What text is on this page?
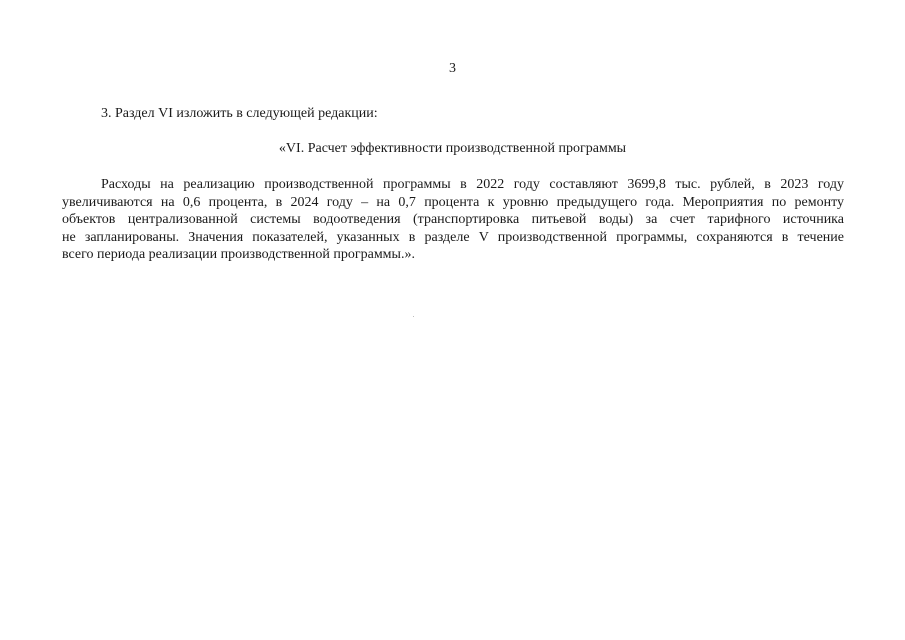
3
3. Раздел VI изложить в следующей редакции:
«VI. Расчет эффективности производственной программы
Расходы на реализацию производственной программы в 2022 году составляют 3699,8 тыс. рублей, в 2023 году
увеличиваются на 0,6 процента, в 2024 году – на 0,7 процента к уровню предыдущего года. Мероприятия по ремонту
объектов централизованной системы водоотведения (транспортировка питьевой воды) за счет тарифного источника
не запланированы. Значения показателей, указанных в разделе V производственной программы, сохраняются в течение
всего периода реализации производственной программы.».
